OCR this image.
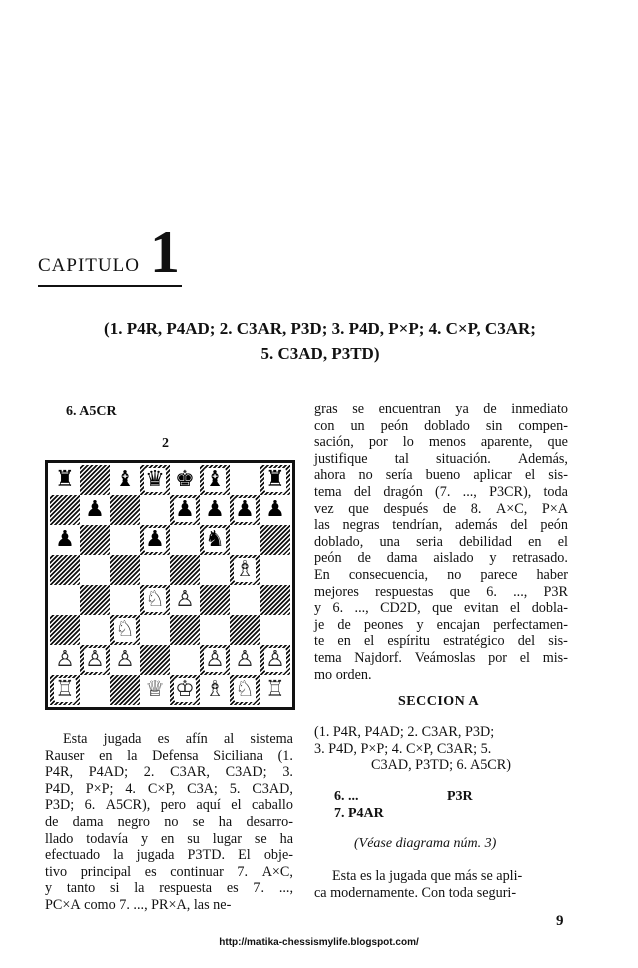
CAPITULO 1
(1. P4R, P4AD; 2. C3AR, P3D; 3. P4D, P×P; 4. C×P, C3AR;
5. C3AD, P3TD)
6. A5CR
2
♜ ♝ ♛ ♚ ♝ ♜
♟	♟ ♟ ♟ ♟
♟	♟ ♞
♗
♘ ♙
♘
♙ ♙ ♙	♙ ♙ ♙
♖	♕ ♔ ♗ ♘ ♖
Esta jugada es afín al sistema
Rauser en la Defensa Siciliana (1.
P4R, P4AD; 2. C3AR, C3AD; 3.
P4D, P×P; 4. C×P, C3A; 5. C3AD,
P3D; 6. A5CR), pero aquí el caballo
de dama negro no se ha desarro-
llado todavía y en su lugar se ha
efectuado la jugada P3TD. El obje-
tivo principal es continuar 7. A×C,
y tanto si la respuesta es 7. ...,
PC×A como 7. ..., PR×A, las ne-
gras se encuentran ya de inmediato
con un peón doblado sin compen-
sación, por lo menos aparente, que
justifique tal situación. Además,
ahora no sería bueno aplicar el sis-
tema del dragón (7. ..., P3CR), toda
vez que después de 8. A×C, P×A
las negras tendrían, además del peón
doblado, una seria debilidad en el
peón de dama aislado y retrasado.
En consecuencia, no parece haber
mejores respuestas que 6. ..., P3R
y 6. ..., CD2D, que evitan el dobla-
je de peones y encajan perfectamen-
te en el espíritu estratégico del sis-
tema Najdorf. Veámoslas por el mis-
mo orden.
SECCION A
(1. P4R, P4AD; 2. C3AR, P3D;
3. P4D, P×P; 4. C×P, C3AR; 5.
C3AD, P3TD; 6. A5CR)
6. ...	P3R
7. P4AR
(Véase diagrama núm. 3)
Esta es la jugada que más se apli-
ca modernamente. Con toda seguri-
9
http://matika-chessismylife.blogspot.com/
